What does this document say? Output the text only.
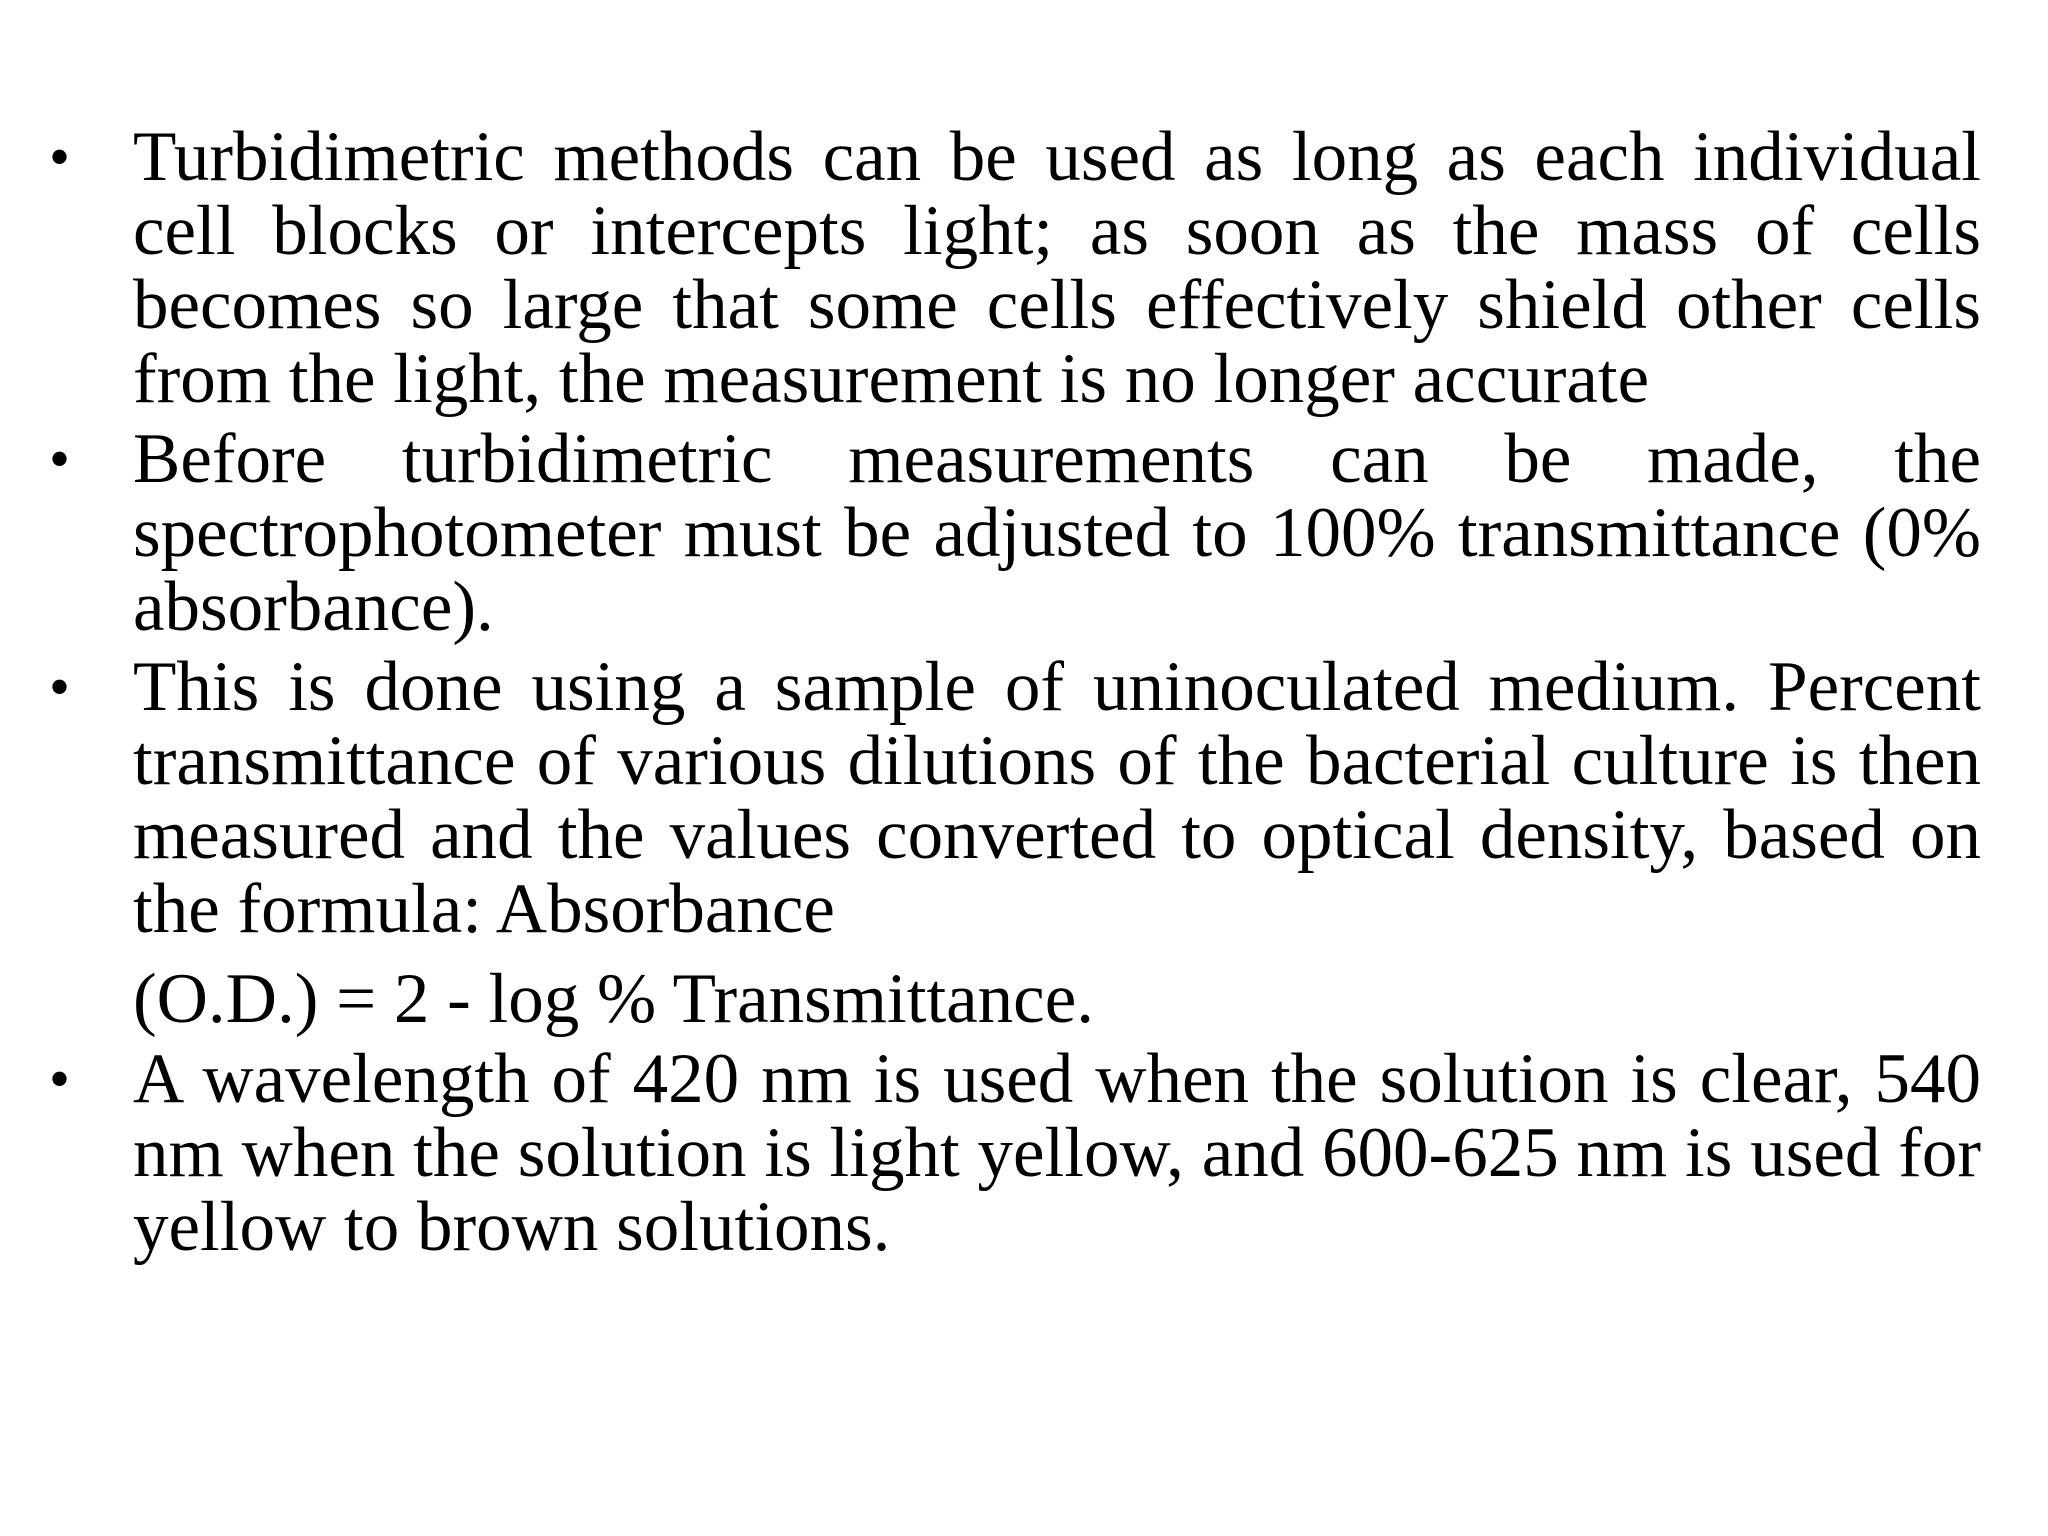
• Turbidimetric methods can be used as long as each individual cell blocks or intercepts light; as soon as the mass of cells becomes so large that some cells effectively shield other cells from the light, the measurement is no longer accurate
• Before turbidimetric measurements can be made, the spectrophotometer must be adjusted to 100% transmittance (0% absorbance).
• This is done using a sample of uninoculated medium. Percent transmittance of various dilutions of the bacterial culture is then measured and the values converted to optical density, based on the formula: Absorbance
(O.D.) = 2 - log % Transmittance.
• A wavelength of 420 nm is used when the solution is clear, 540 nm when the solution is light yellow, and 600-625 nm is used for yellow to brown solutions.
